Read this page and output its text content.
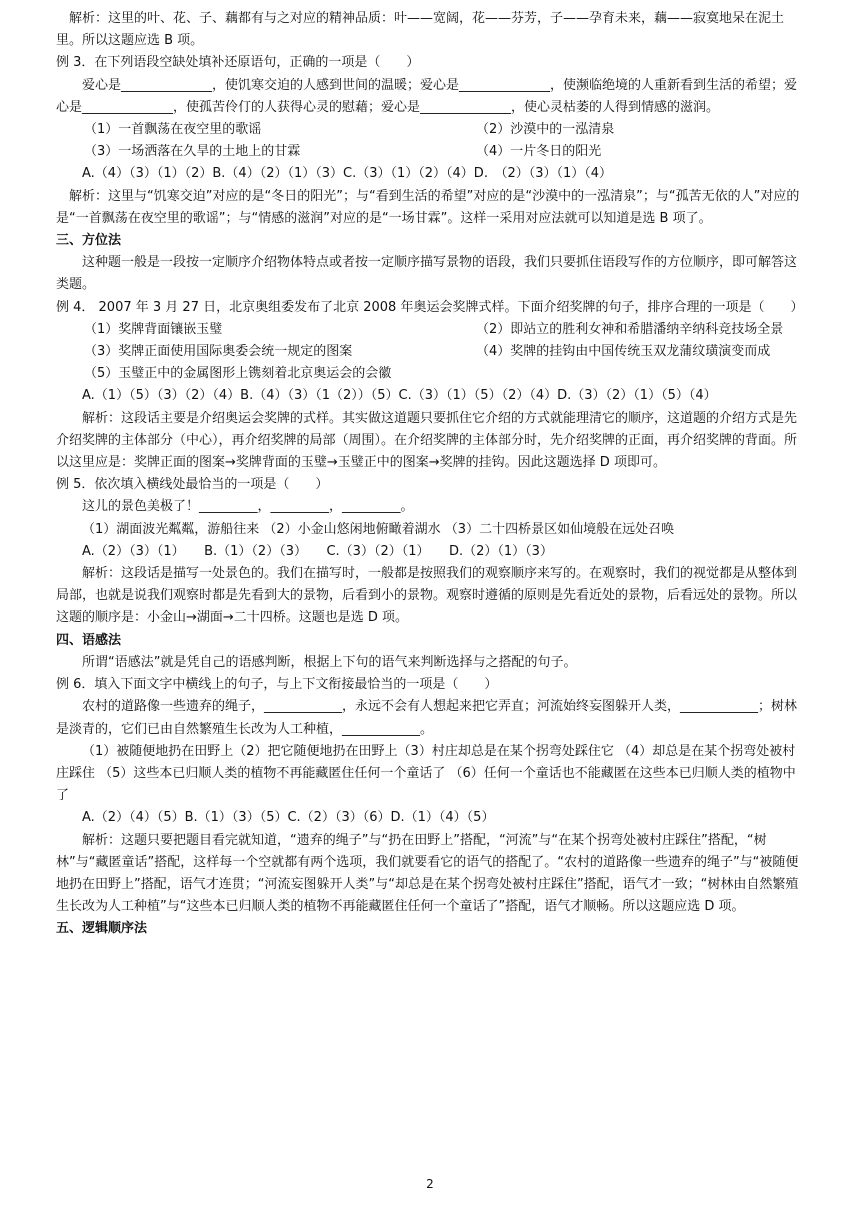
解析：这里的叶、花、子、藕都有与之对应的精神品质：叶——宽阔，花——芬芳，子——孕育未来，藕——寂寞地呆在泥土里。所以这题应选 B 项。

例 3．在下列语段空缺处填补还原语句，正确的一项是（　　）

爱心是______________，使饥寒交迫的人感到世间的温暖；爱心是______________，使濒临绝境的人重新看到生活的希望；爱心是______________，使孤苦伶仃的人获得心灵的慰藉；爱心是______________，使心灵枯萎的人得到情感的滋润。

（1）一首飘荡在夜空里的歌谣	（2）沙漠中的一泓清泉
（3）一场洒落在久旱的土地上的甘霖	（4）一片冬日的阳光

A.（4）（3）（1）（2）B.（4）（2）（1）（3）C.（3）（1）（2）（4）D.　（2）（3）（1）（4）

解析：这里与“饥寒交迫”对应的是“冬日的阳光”；与“看到生活的希望”对应的是“沙漠中的一泓清泉”；与“孤苦无依的人”对应的是“一首飘荡在夜空里的歌谣”；与“情感的滋润”对应的是“一场甘霖”。这样一采用对应法就可以知道是选 B 项了。

三、方位法

这种题一般是一段按一定顺序介绍物体特点或者按一定顺序描写景物的语段，我们只要抓住语段写作的方位顺序，即可解答这类题。

例 4． 2007 年 3 月 27 日，北京奥组委发布了北京 2008 年奥运会奖牌式样。下面介绍奖牌的句子，排序合理的一项是（　　）

（1）奖牌背面镶嵌玉璧	（2）即站立的胜利女神和希腊潘纳辛纳科竞技场全景
（3）奖牌正面使用国际奥委会统一规定的图案	（4）奖牌的挂钩由中国传统玉双龙蒲纹璜演变而成

（5）玉璧正中的金属图形上镌刻着北京奥运会的会徽

A.（1）（5）（3）（2）（4）B.（4）（3）（1（2））（5）C.（3）（1）（5）（2）（4）D.（3）（2）（1）（5）（4）

解析：这段话主要是介绍奥运会奖牌的式样。其实做这道题只要抓住它介绍的方式就能理清它的顺序，这道题的介绍方式是先介绍奖牌的主体部分（中心），再介绍奖牌的局部（周围）。在介绍奖牌的主体部分时，先介绍奖牌的正面，再介绍奖牌的背面。所以这里应是：奖牌正面的图案→奖牌背面的玉璧→玉璧正中的图案→奖牌的挂钩。因此这题选择 D 项即可。

例 5．依次填入横线处最恰当的一项是（　　）

这儿的景色美极了！_________，_________，_________。

（1）湖面波光粼粼，游船往来 （2）小金山悠闲地俯瞰着湖水 （3）二十四桥景区如仙境般在远处召唤

A.（2）（3）（1）　　B.（1）（2）（3）　　C.（3）（2）（1）　　D.（2）（1）（3）

解析：这段话是描写一处景色的。我们在描写时，一般都是按照我们的观察顺序来写的。在观察时，我们的视觉都是从整体到局部，也就是说我们观察时都是先看到大的景物，后看到小的景物。观察时遵循的原则是先看近处的景物，后看远处的景物。所以这题的顺序是：小金山→湖面→二十四桥。这题也是选 D 项。

四、语感法

所谓“语感法”就是凭自己的语感判断，根据上下句的语气来判断选择与之搭配的句子。

例 6．填入下面文字中横线上的句子，与上下文衔接最恰当的一项是（　　）

农村的道路像一些遗弃的绳子，____________，永远不会有人想起来把它弄直；河流始终妄图躲开人类，____________；树林是淡青的，它们已由自然繁殖生长改为人工种植，____________。

（1）被随便地扔在田野上（2）把它随便地扔在田野上（3）村庄却总是在某个拐弯处踩住它 （4）却总是在某个拐弯处被村庄踩住 （5）这些本已归顺人类的植物不再能藏匿住任何一个童话了 （6）任何一个童话也不能藏匿在这些本已归顺人类的植物中了

A.（2）（4）（5）B.（1）（3）（5）C.（2）（3）（6）D.（1）（4）（5）

解析：这题只要把题目看完就知道，“遗弃的绳子”与“扔在田野上”搭配，“河流”与“在某个拐弯处被村庄踩住”搭配，“树林”与“藏匿童话”搭配，这样每一个空就都有两个选项，我们就要看它的语气的搭配了。“农村的道路像一些遗弃的绳子”与“被随便地扔在田野上”搭配，语气才连贯；“河流妄图躲开人类”与“却总是在某个拐弯处被村庄踩住”搭配，语气才一致；“树林由自然繁殖生长改为人工种植”与“这些本已归顺人类的植物不再能藏匿住任何一个童话了”搭配，语气才顺畅。所以这题应选 D 项。

五、逻辑顺序法

2
